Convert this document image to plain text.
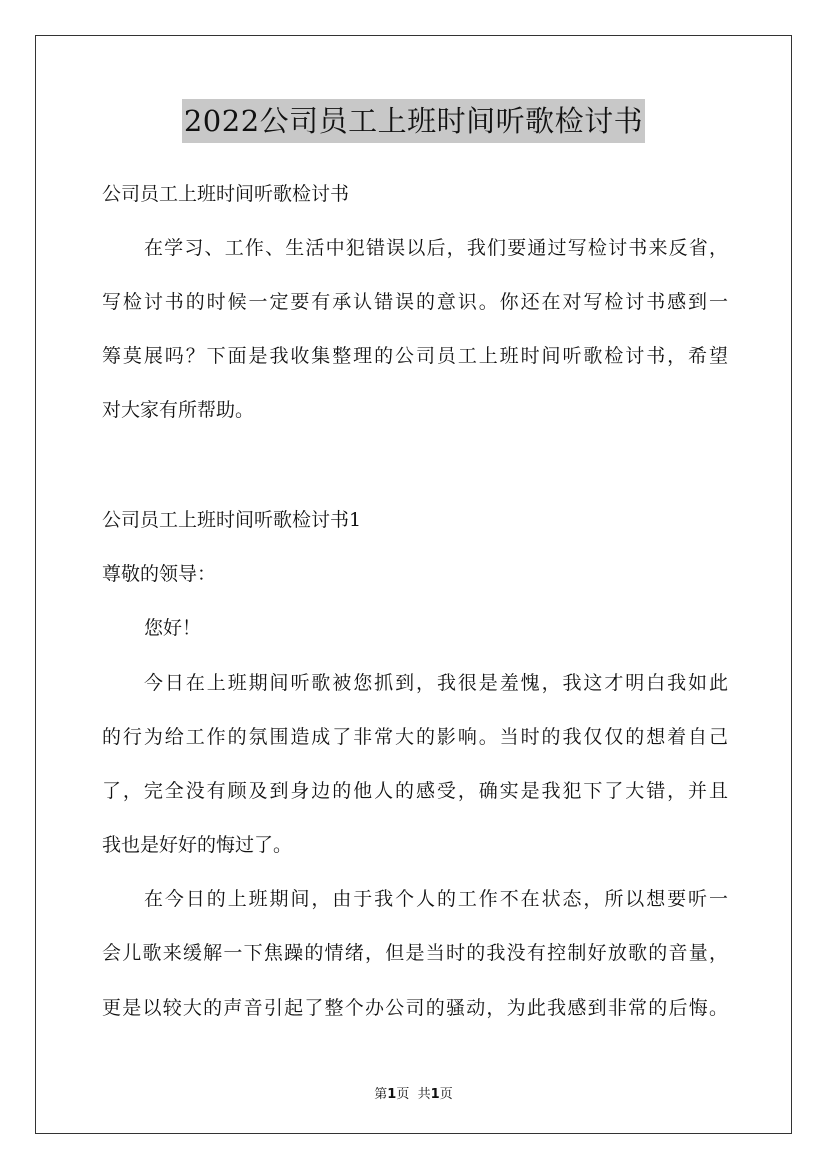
2022公司员工上班时间听歌检讨书
公司员工上班时间听歌检讨书
在学习、工作、生活中犯错误以后，我们要通过写检讨书来反省，
写检讨书的时候一定要有承认错误的意识。你还在对写检讨书感到一
筹莫展吗？下面是我收集整理的公司员工上班时间听歌检讨书，希望
对大家有所帮助。
公司员工上班时间听歌检讨书1
尊敬的领导：
您好！
今日在上班期间听歌被您抓到，我很是羞愧，我这才明白我如此
的行为给工作的氛围造成了非常大的影响。当时的我仅仅的想着自己
了，完全没有顾及到身边的他人的感受，确实是我犯下了大错，并且
我也是好好的悔过了。
在今日的上班期间，由于我个人的工作不在状态，所以想要听一
会儿歌来缓解一下焦躁的情绪，但是当时的我没有控制好放歌的音量，
更是以较大的声音引起了整个办公司的骚动，为此我感到非常的后悔。
第1页 共1页
